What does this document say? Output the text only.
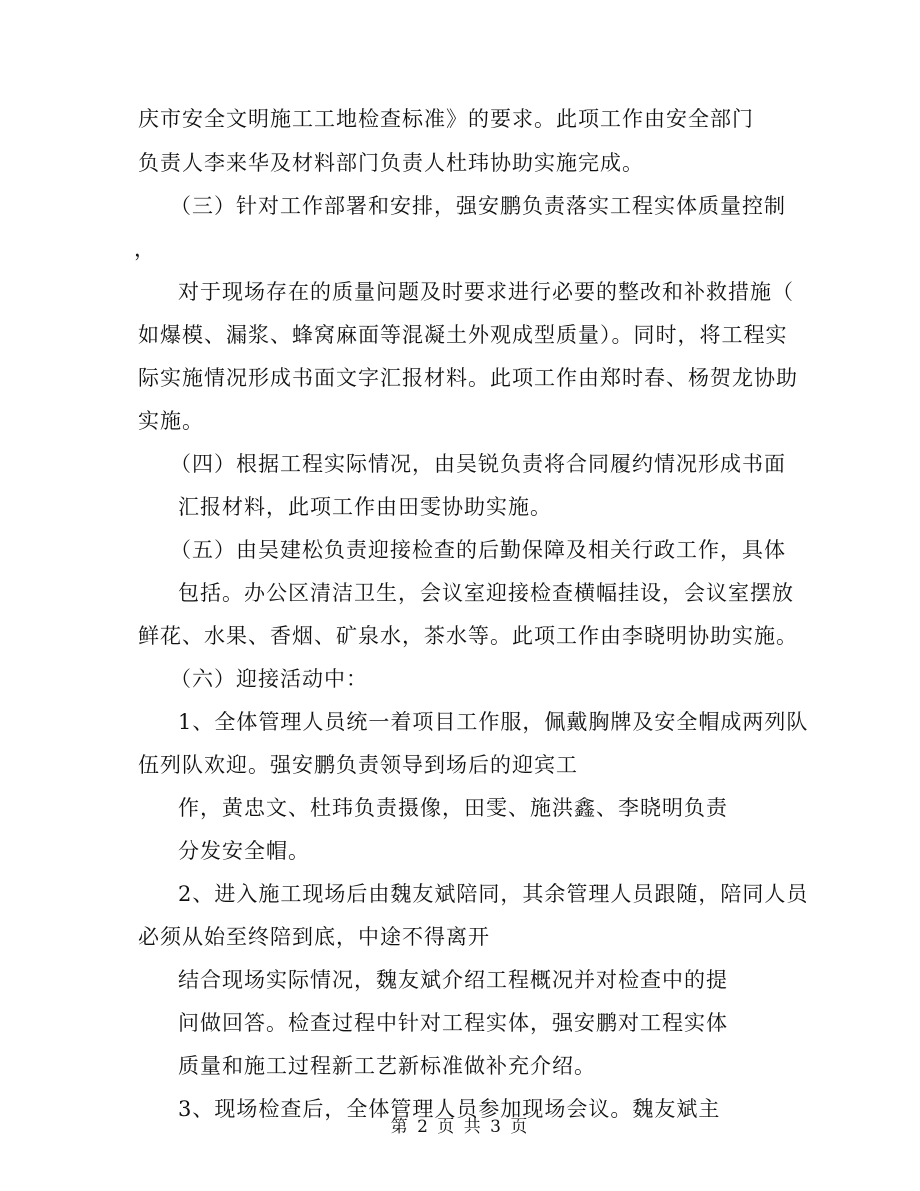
庆市安全文明施工工地检查标准》的要求。此项工作由安全部门
负责人李来华及材料部门负责人杜玮协助实施完成。
（三）针对工作部署和安排，强安鹏负责落实工程实体质量控制
，
对于现场存在的质量问题及时要求进行必要的整改和补救措施（
如爆模、漏浆、蜂窝麻面等混凝土外观成型质量）。同时，将工程实
际实施情况形成书面文字汇报材料。此项工作由郑时春、杨贺龙协助
实施。
（四）根据工程实际情况，由吴锐负责将合同履约情况形成书面
汇报材料，此项工作由田雯协助实施。
（五）由吴建松负责迎接检查的后勤保障及相关行政工作，具体
包括。办公区清洁卫生，会议室迎接检查横幅挂设，会议室摆放
鲜花、水果、香烟、矿泉水，茶水等。此项工作由李晓明协助实施。
（六）迎接活动中：
1、全体管理人员统一着项目工作服，佩戴胸牌及安全帽成两列队
伍列队欢迎。强安鹏负责领导到场后的迎宾工
作，黄忠文、杜玮负责摄像，田雯、施洪鑫、李晓明负责
分发安全帽。
2、进入施工现场后由魏友斌陪同，其余管理人员跟随，陪同人员
必须从始至终陪到底，中途不得离开
结合现场实际情况，魏友斌介绍工程概况并对检查中的提
问做回答。检查过程中针对工程实体，强安鹏对工程实体
质量和施工过程新工艺新标准做补充介绍。
3、现场检查后，全体管理人员参加现场会议。魏友斌主
第 2 页 共 3 页
